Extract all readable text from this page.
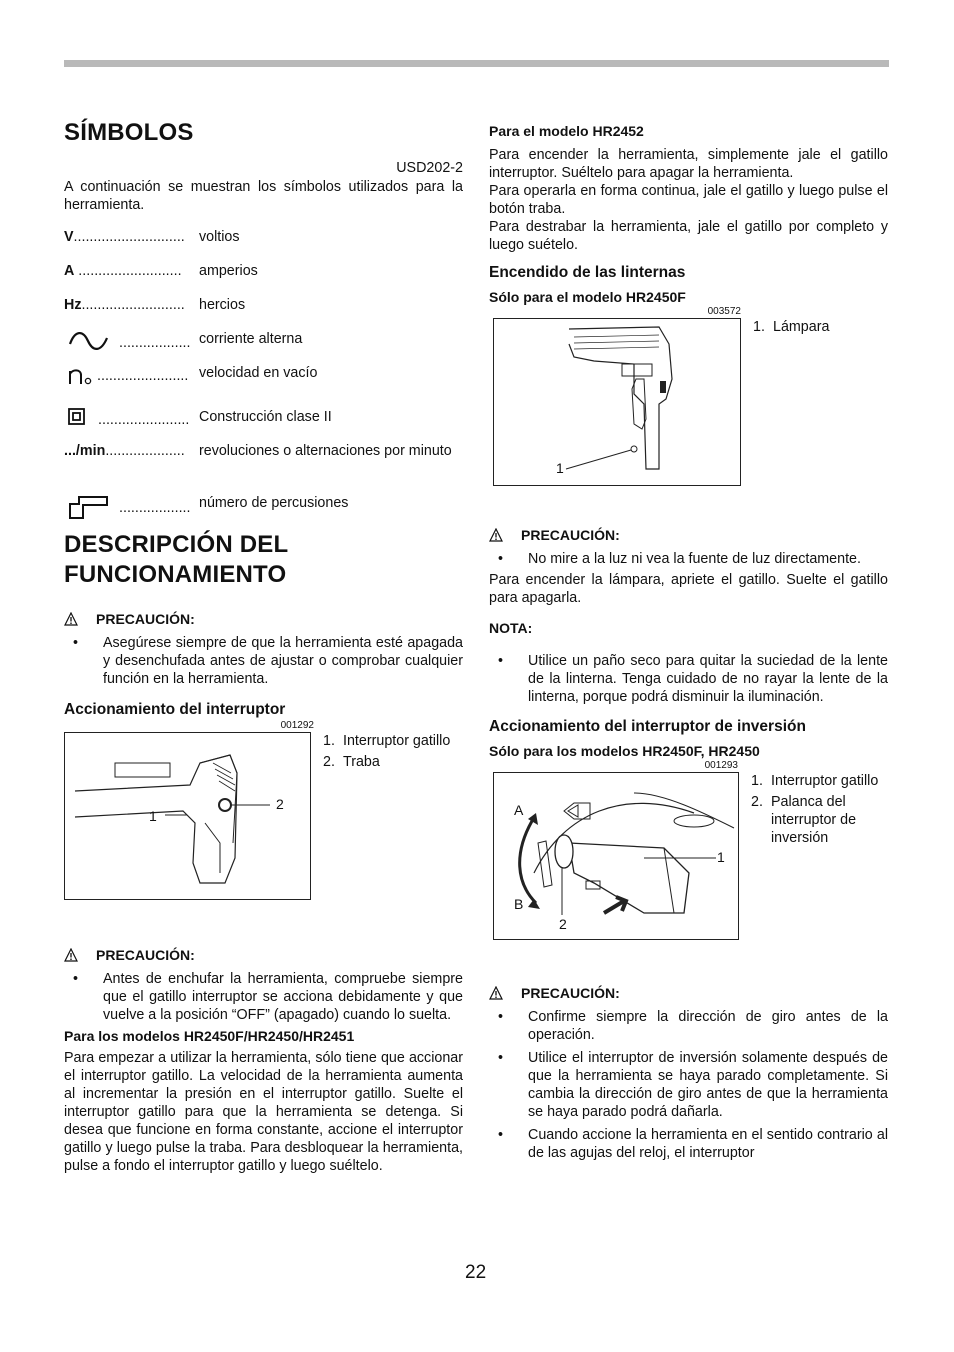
SÍMBOLOS
USD202-2

A continuación se muestran los símbolos utilizados para la herramienta.

V............................ voltios
A .......................... amperios
Hz.......................... hercios
.................. corriente alterna
....................... velocidad en vacío
....................... Construcción clase II
.../min.................... revoluciones o alternaciones por minuto
.................. número de percusiones
DESCRIPCIÓN DEL
FUNCIONAMIENTO
PRECAUCIÓN:
• Asegúrese siempre de que la herramienta esté apagada y desenchufada antes de ajustar o comprobar cualquier función en la herramienta.
Accionamiento del interruptor
001292
1
2
1. Interruptor gatillo
2. Traba
PRECAUCIÓN:
• Antes de enchufar la herramienta, compruebe siempre que el gatillo interruptor se acciona debidamente y que vuelve a la posición “OFF” (apagado) cuando lo suelta.
Para los modelos HR2450F/HR2450/HR2451

Para empezar a utilizar la herramienta, sólo tiene que accionar el interruptor gatillo. La velocidad de la herramienta aumenta al incrementar la presión en el interruptor gatillo. Suelte el interruptor gatillo para que la herramienta se detenga. Si desea que funcione en forma constante, accione el interruptor gatillo y luego pulse la traba. Para desbloquear la herramienta, pulse a fondo el interruptor gatillo y luego suéltelo.

Para el modelo HR2452

Para encender la herramienta, simplemente jale el gatillo interruptor. Suéltelo para apagar la herramienta.

Para operarla en forma continua, jale el gatillo y luego pulse el botón traba.

Para destrabar la herramienta, jale el gatillo por completo y luego suételo.

Encendido de las linternas
Sólo para el modelo HR2450F
003572
1
1. Lámpara
PRECAUCIÓN:
• No mire a la luz ni vea la fuente de luz directamente.

Para encender la lámpara, apriete el gatillo. Suelte el gatillo para apagarla.

NOTA:
• Utilice un paño seco para quitar la suciedad de la lente de la linterna. Tenga cuidado de no rayar la lente de la linterna, porque podrá disminuir la iluminación.
Accionamiento del interruptor de inversión
Sólo para los modelos HR2450F, HR2450
001293
A
B
1
2
1. Interruptor gatillo
2. Palanca del interruptor de inversión
PRECAUCIÓN:
• Confirme siempre la dirección de giro antes de la operación.
• Utilice el interruptor de inversión solamente después de que la herramienta se haya parado completamente. Si cambia la dirección de giro antes de que la herramienta se haya parado podrá dañarla.
• Cuando accione la herramienta en el sentido contrario al de las agujas del reloj, el interruptor
22
